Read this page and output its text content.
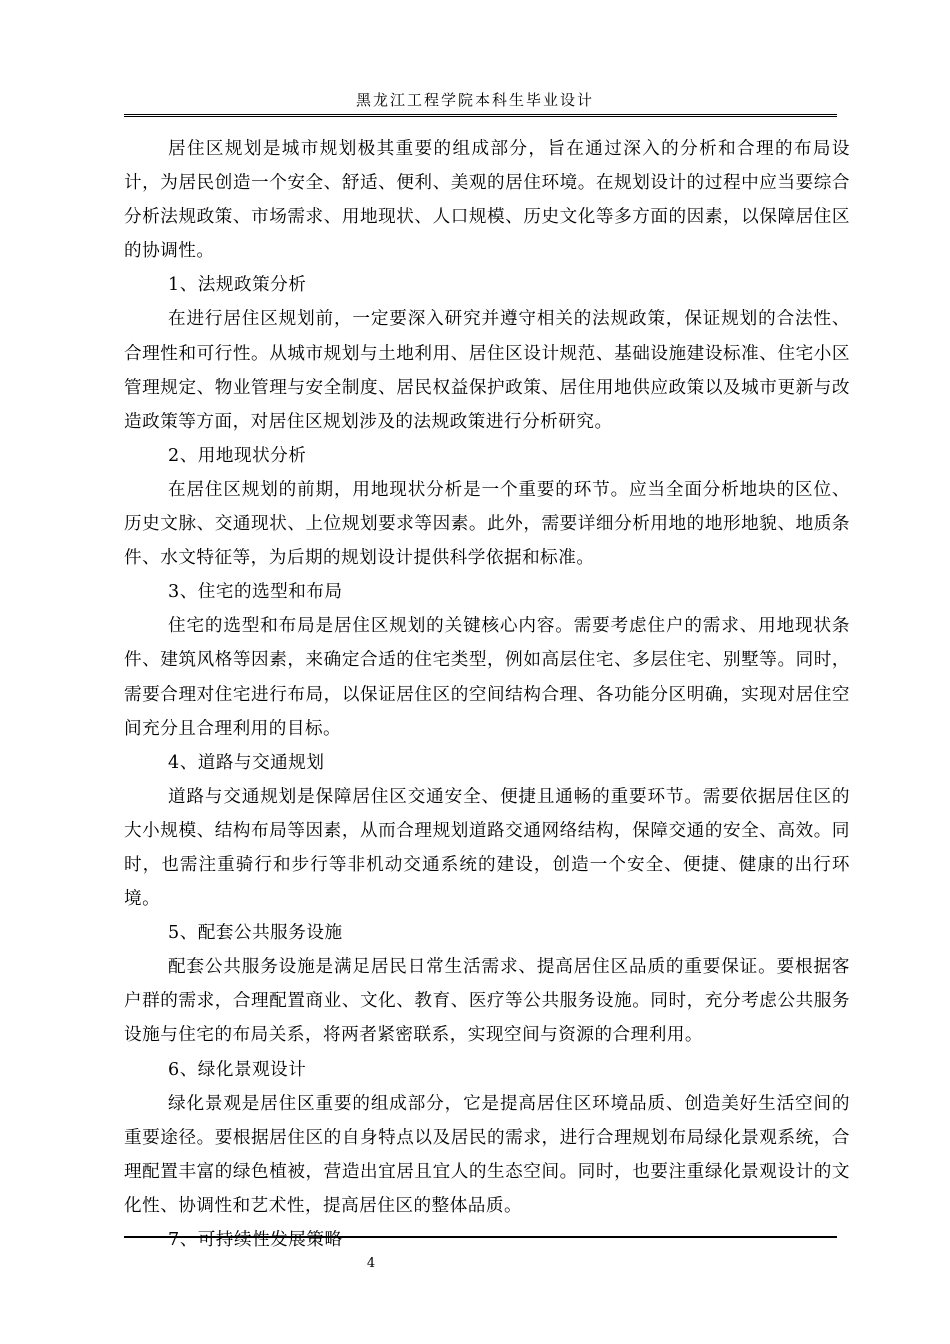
黑龙江工程学院本科生毕业设计

居住区规划是城市规划极其重要的组成部分，旨在通过深入的分析和合理的布局设计，为居民创造一个安全、舒适、便利、美观的居住环境。在规划设计的过程中应当要综合分析法规政策、市场需求、用地现状、人口规模、历史文化等多方面的因素，以保障居住区的协调性。

1、法规政策分析

在进行居住区规划前，一定要深入研究并遵守相关的法规政策，保证规划的合法性、合理性和可行性。从城市规划与土地利用、居住区设计规范、基础设施建设标准、住宅小区管理规定、物业管理与安全制度、居民权益保护政策、居住用地供应政策以及城市更新与改造政策等方面，对居住区规划涉及的法规政策进行分析研究。

2、用地现状分析

在居住区规划的前期，用地现状分析是一个重要的环节。应当全面分析地块的区位、历史文脉、交通现状、上位规划要求等因素。此外，需要详细分析用地的地形地貌、地质条件、水文特征等，为后期的规划设计提供科学依据和标准。

3、住宅的选型和布局

住宅的选型和布局是居住区规划的关键核心内容。需要考虑住户的需求、用地现状条件、建筑风格等因素，来确定合适的住宅类型，例如高层住宅、多层住宅、别墅等。同时，需要合理对住宅进行布局，以保证居住区的空间结构合理、各功能分区明确，实现对居住空间充分且合理利用的目标。

4、道路与交通规划

道路与交通规划是保障居住区交通安全、便捷且通畅的重要环节。需要依据居住区的大小规模、结构布局等因素，从而合理规划道路交通网络结构，保障交通的安全、高效。同时，也需注重骑行和步行等非机动交通系统的建设，创造一个安全、便捷、健康的出行环境。

5、配套公共服务设施

配套公共服务设施是满足居民日常生活需求、提高居住区品质的重要保证。要根据客户群的需求，合理配置商业、文化、教育、医疗等公共服务设施。同时，充分考虑公共服务设施与住宅的布局关系，将两者紧密联系，实现空间与资源的合理利用。

6、绿化景观设计

绿化景观是居住区重要的组成部分，它是提高居住区环境品质、创造美好生活空间的重要途径。要根据居住区的自身特点以及居民的需求，进行合理规划布局绿化景观系统，合理配置丰富的绿色植被，营造出宜居且宜人的生态空间。同时，也要注重绿化景观设计的文化性、协调性和艺术性，提高居住区的整体品质。

7、可持续性发展策略
4
